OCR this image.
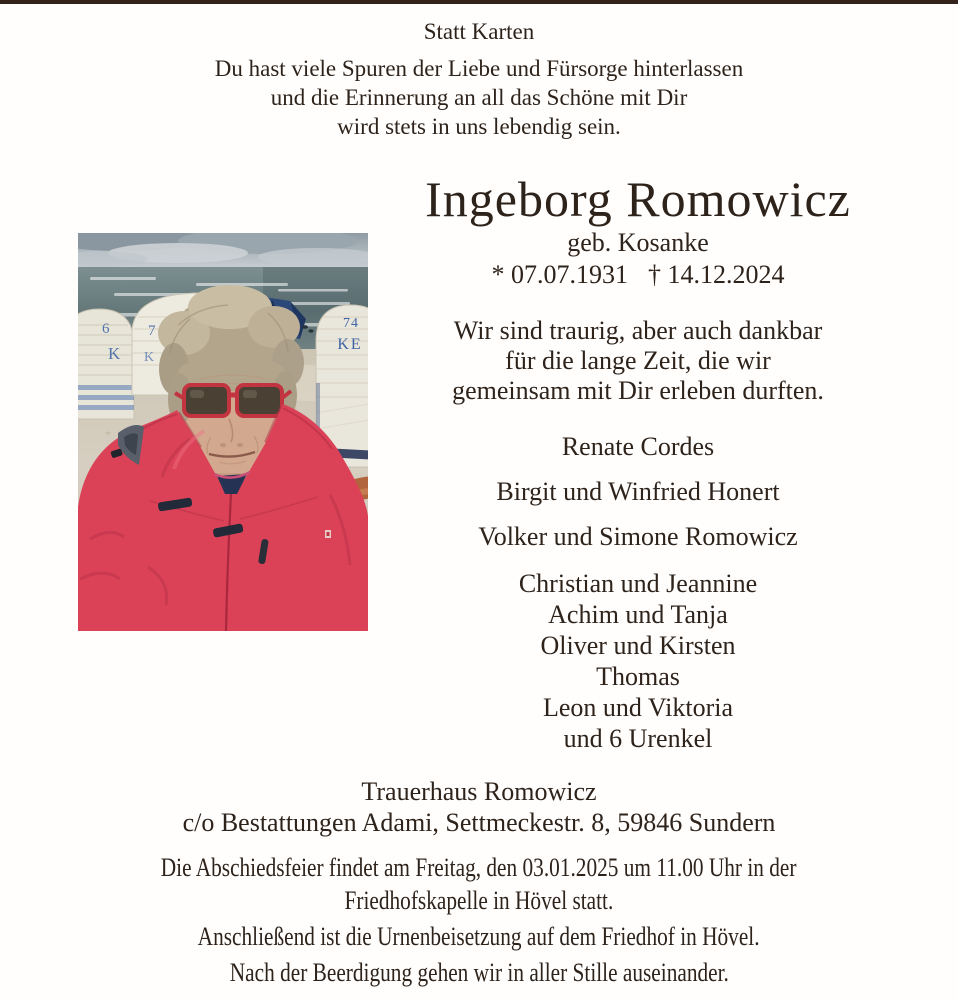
Statt Karten
Du hast viele Spuren der Liebe und Fürsorge hinterlassen
und die Erinnerung an all das Schöne mit Dir
wird stets in uns lebendig sein.
6
K
7
K
74
KE
Ingeborg Romowicz
geb. Kosanke
* 07.07.1931 † 14.12.2024
Wir sind traurig, aber auch dankbar
für die lange Zeit, die wir
gemeinsam mit Dir erleben durften.
Renate Cordes
Birgit und Winfried Honert
Volker und Simone Romowicz
Christian und Jeannine
Achim und Tanja
Oliver und Kirsten
Thomas
Leon und Viktoria
und 6 Urenkel
Trauerhaus Romowicz
c/o Bestattungen Adami, Settmeckestr. 8, 59846 Sundern
Die Abschiedsfeier findet am Freitag, den 03.01.2025 um 11.00 Uhr in der
Friedhofskapelle in Hövel statt.
Anschließend ist die Urnenbeisetzung auf dem Friedhof in Hövel.
Nach der Beerdigung gehen wir in aller Stille auseinander.
